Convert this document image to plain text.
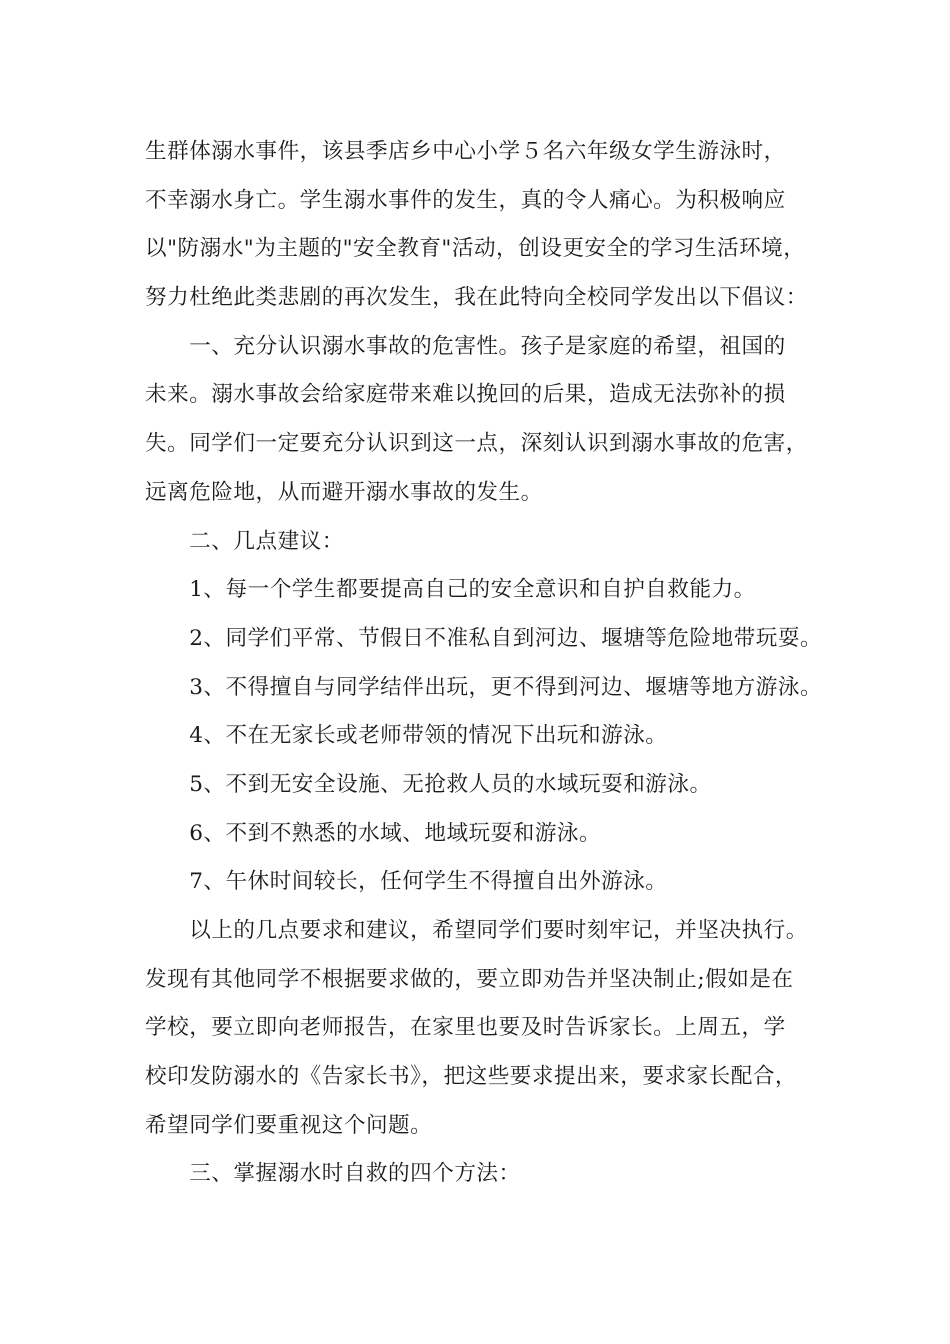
生群体溺水事件，该县季店乡中心小学５名六年级女学生游泳时，
不幸溺水身亡。学生溺水事件的发生，真的令人痛心。为积极响应
以"防溺水"为主题的"安全教育"活动，创设更安全的学习生活环境，
努力杜绝此类悲剧的再次发生，我在此特向全校同学发出以下倡议：
　　一、充分认识溺水事故的危害性。孩子是家庭的希望，祖国的
未来。溺水事故会给家庭带来难以挽回的后果，造成无法弥补的损
失。同学们一定要充分认识到这一点，深刻认识到溺水事故的危害，
远离危险地，从而避开溺水事故的发生。
　　二、几点建议：
　　1、每一个学生都要提高自己的安全意识和自护自救能力。
　　2、同学们平常、节假日不准私自到河边、堰塘等危险地带玩耍。
　　3、不得擅自与同学结伴出玩，更不得到河边、堰塘等地方游泳。
　　4、不在无家长或老师带领的情况下出玩和游泳。
　　5、不到无安全设施、无抢救人员的水域玩耍和游泳。
　　6、不到不熟悉的水域、地域玩耍和游泳。
　　7、午休时间较长，任何学生不得擅自出外游泳。
　　以上的几点要求和建议，希望同学们要时刻牢记，并坚决执行。
发现有其他同学不根据要求做的，要立即劝告并坚决制止;假如是在
学校，要立即向老师报告，在家里也要及时告诉家长。上周五，学
校印发防溺水的《告家长书》，把这些要求提出来，要求家长配合，
希望同学们要重视这个问题。
　　三、掌握溺水时自救的四个方法：
